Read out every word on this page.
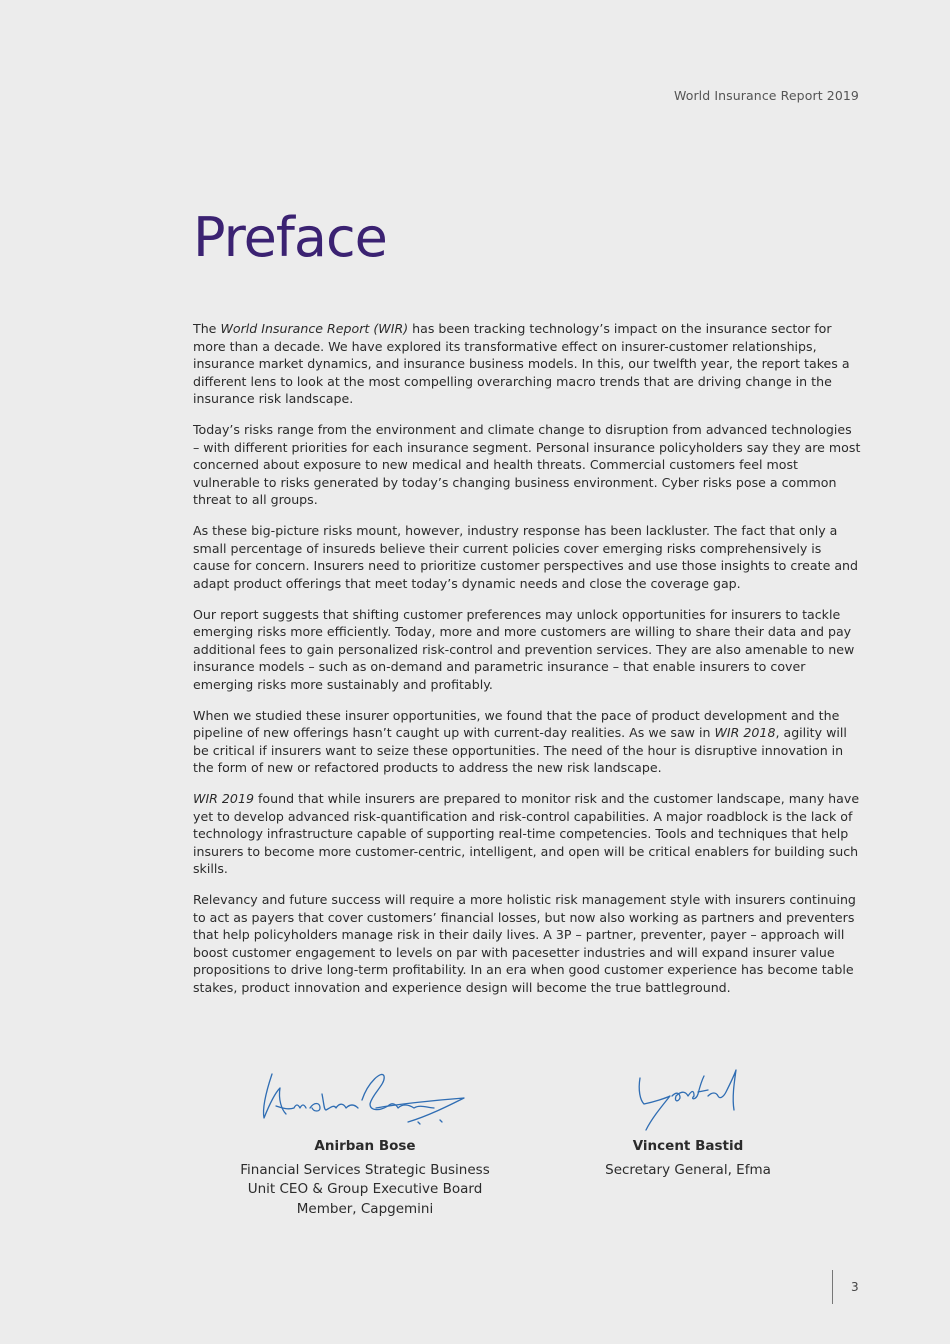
World Insurance Report 2019
Preface

The World Insurance Report (WIR) has been tracking technology’s impact on the insurance sector for more than a decade. We have explored its transformative effect on insurer-customer relationships, insurance market dynamics, and insurance business models. In this, our twelfth year, the report takes a different lens to look at the most compelling overarching macro trends that are driving change in the insurance risk landscape.

Today’s risks range from the environment and climate change to disruption from advanced technologies – with different priorities for each insurance segment. Personal insurance policyholders say they are most concerned about exposure to new medical and health threats. Commercial customers feel most vulnerable to risks generated by today’s changing business environment. Cyber risks pose a common threat to all groups.

As these big-picture risks mount, however, industry response has been lackluster. The fact that only a small percentage of insureds believe their current policies cover emerging risks comprehensively is cause for concern. Insurers need to prioritize customer perspectives and use those insights to create and adapt product offerings that meet today’s dynamic needs and close the coverage gap.

Our report suggests that shifting customer preferences may unlock opportunities for insurers to tackle emerging risks more efficiently. Today, more and more customers are willing to share their data and pay additional fees to gain personalized risk-control and prevention services. They are also amenable to new insurance models – such as on-demand and parametric insurance – that enable insurers to cover emerging risks more sustainably and profitably.

When we studied these insurer opportunities, we found that the pace of product development and the pipeline of new offerings hasn’t caught up with current-day realities. As we saw in WIR 2018, agility will be critical if insurers want to seize these opportunities. The need of the hour is disruptive innovation in the form of new or refactored products to address the new risk landscape.

WIR 2019 found that while insurers are prepared to monitor risk and the customer landscape, many have yet to develop advanced risk-quantification and risk-control capabilities. A major roadblock is the lack of technology infrastructure capable of supporting real-time competencies. Tools and techniques that help insurers to become more customer-centric, intelligent, and open will be critical enablers for building such skills.

Relevancy and future success will require a more holistic risk management style with insurers continuing to act as payers that cover customers’ financial losses, but now also working as partners and preventers that help policyholders manage risk in their daily lives. A 3P – partner, preventer, payer – approach will boost customer engagement to levels on par with pacesetter industries and will expand insurer value propositions to drive long-term profitability. In an era when good customer experience has become table stakes, product innovation and experience design will become the true battleground.

Anirban Bose
Financial Services Strategic Business Unit CEO & Group Executive Board Member, Capgemini
Vincent Bastid
Secretary General, Efma
3
